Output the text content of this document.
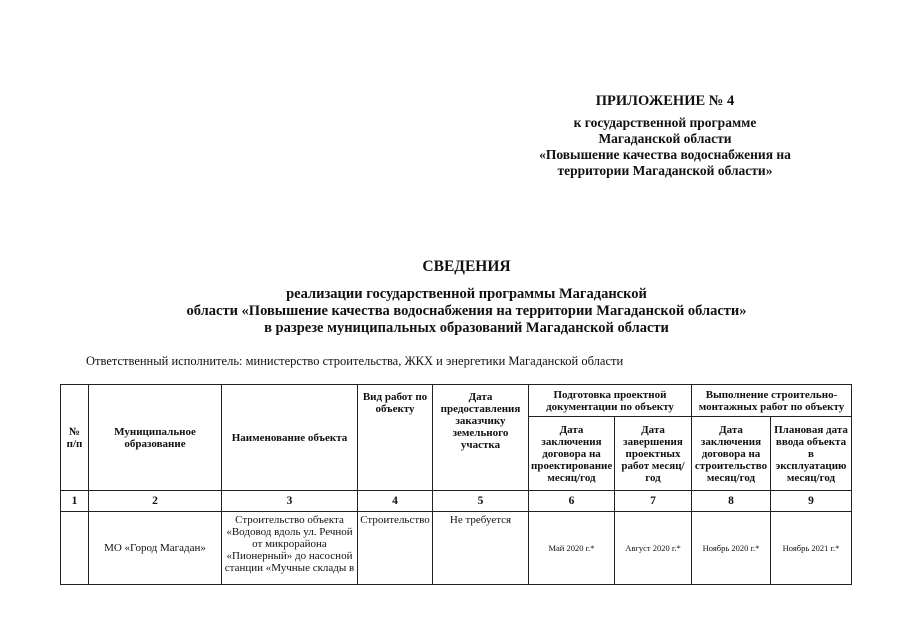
ПРИЛОЖЕНИЕ № 4
к государственной программе
Магаданской области
«Повышение качества водоснабжения на
территории Магаданской области»
СВЕДЕНИЯ
реализации государственной программы Магаданской
области «Повышение качества водоснабжения на территории Магаданской области»
в разрезе муниципальных образований Магаданской области
Ответственный исполнитель: министерство строительства, ЖКХ и энергетики Магаданской области
№ п/п	Муниципальное образование	Наименование объекта	Вид работ по объекту	Дата предоставления заказчику земельного участка	Подготовка проектной документации по объекту		Выполнение строительно-монтажных работ по объекту	
					Дата заключения договора на проектирование месяц/год	Дата завершения проектных работ месяц/год	Дата заключения договора на строительство месяц/год	Плановая дата ввода объекта в эксплуатацию месяц/год
1	2	3	4	5	6	7	8	9
	МО «Город Магадан»	Строительство объекта «Водовод вдоль ул. Речной от микрорайона «Пионерный» до насосной станции «Мучные склады в	Строительство	Не требуется	Май 2020 г.*	Август 2020 г.*	Ноябрь 2020 г.*	Ноябрь 2021 г.*
